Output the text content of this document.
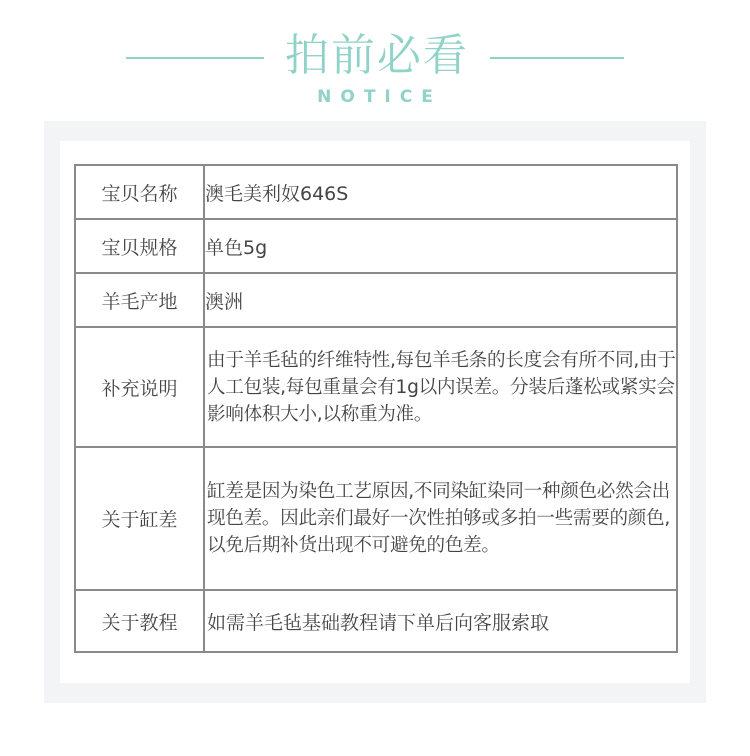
拍前必看
NOTICE
宝贝名称	澳毛美利奴646S
宝贝规格	单色5g
羊毛产地	澳洲
补充说明	由于羊毛毡的纤维特性,每包羊毛条的长度会有所不同,由于人工包装,每包重量会有1g以内误差。分装后蓬松或紧实会影响体积大小,以称重为准。
关于缸差	缸差是因为染色工艺原因,不同染缸染同一种颜色必然会出现色差。因此亲们最好一次性拍够或多拍一些需要的颜色,以免后期补货出现不可避免的色差。
关于教程	如需羊毛毡基础教程请下单后向客服索取
